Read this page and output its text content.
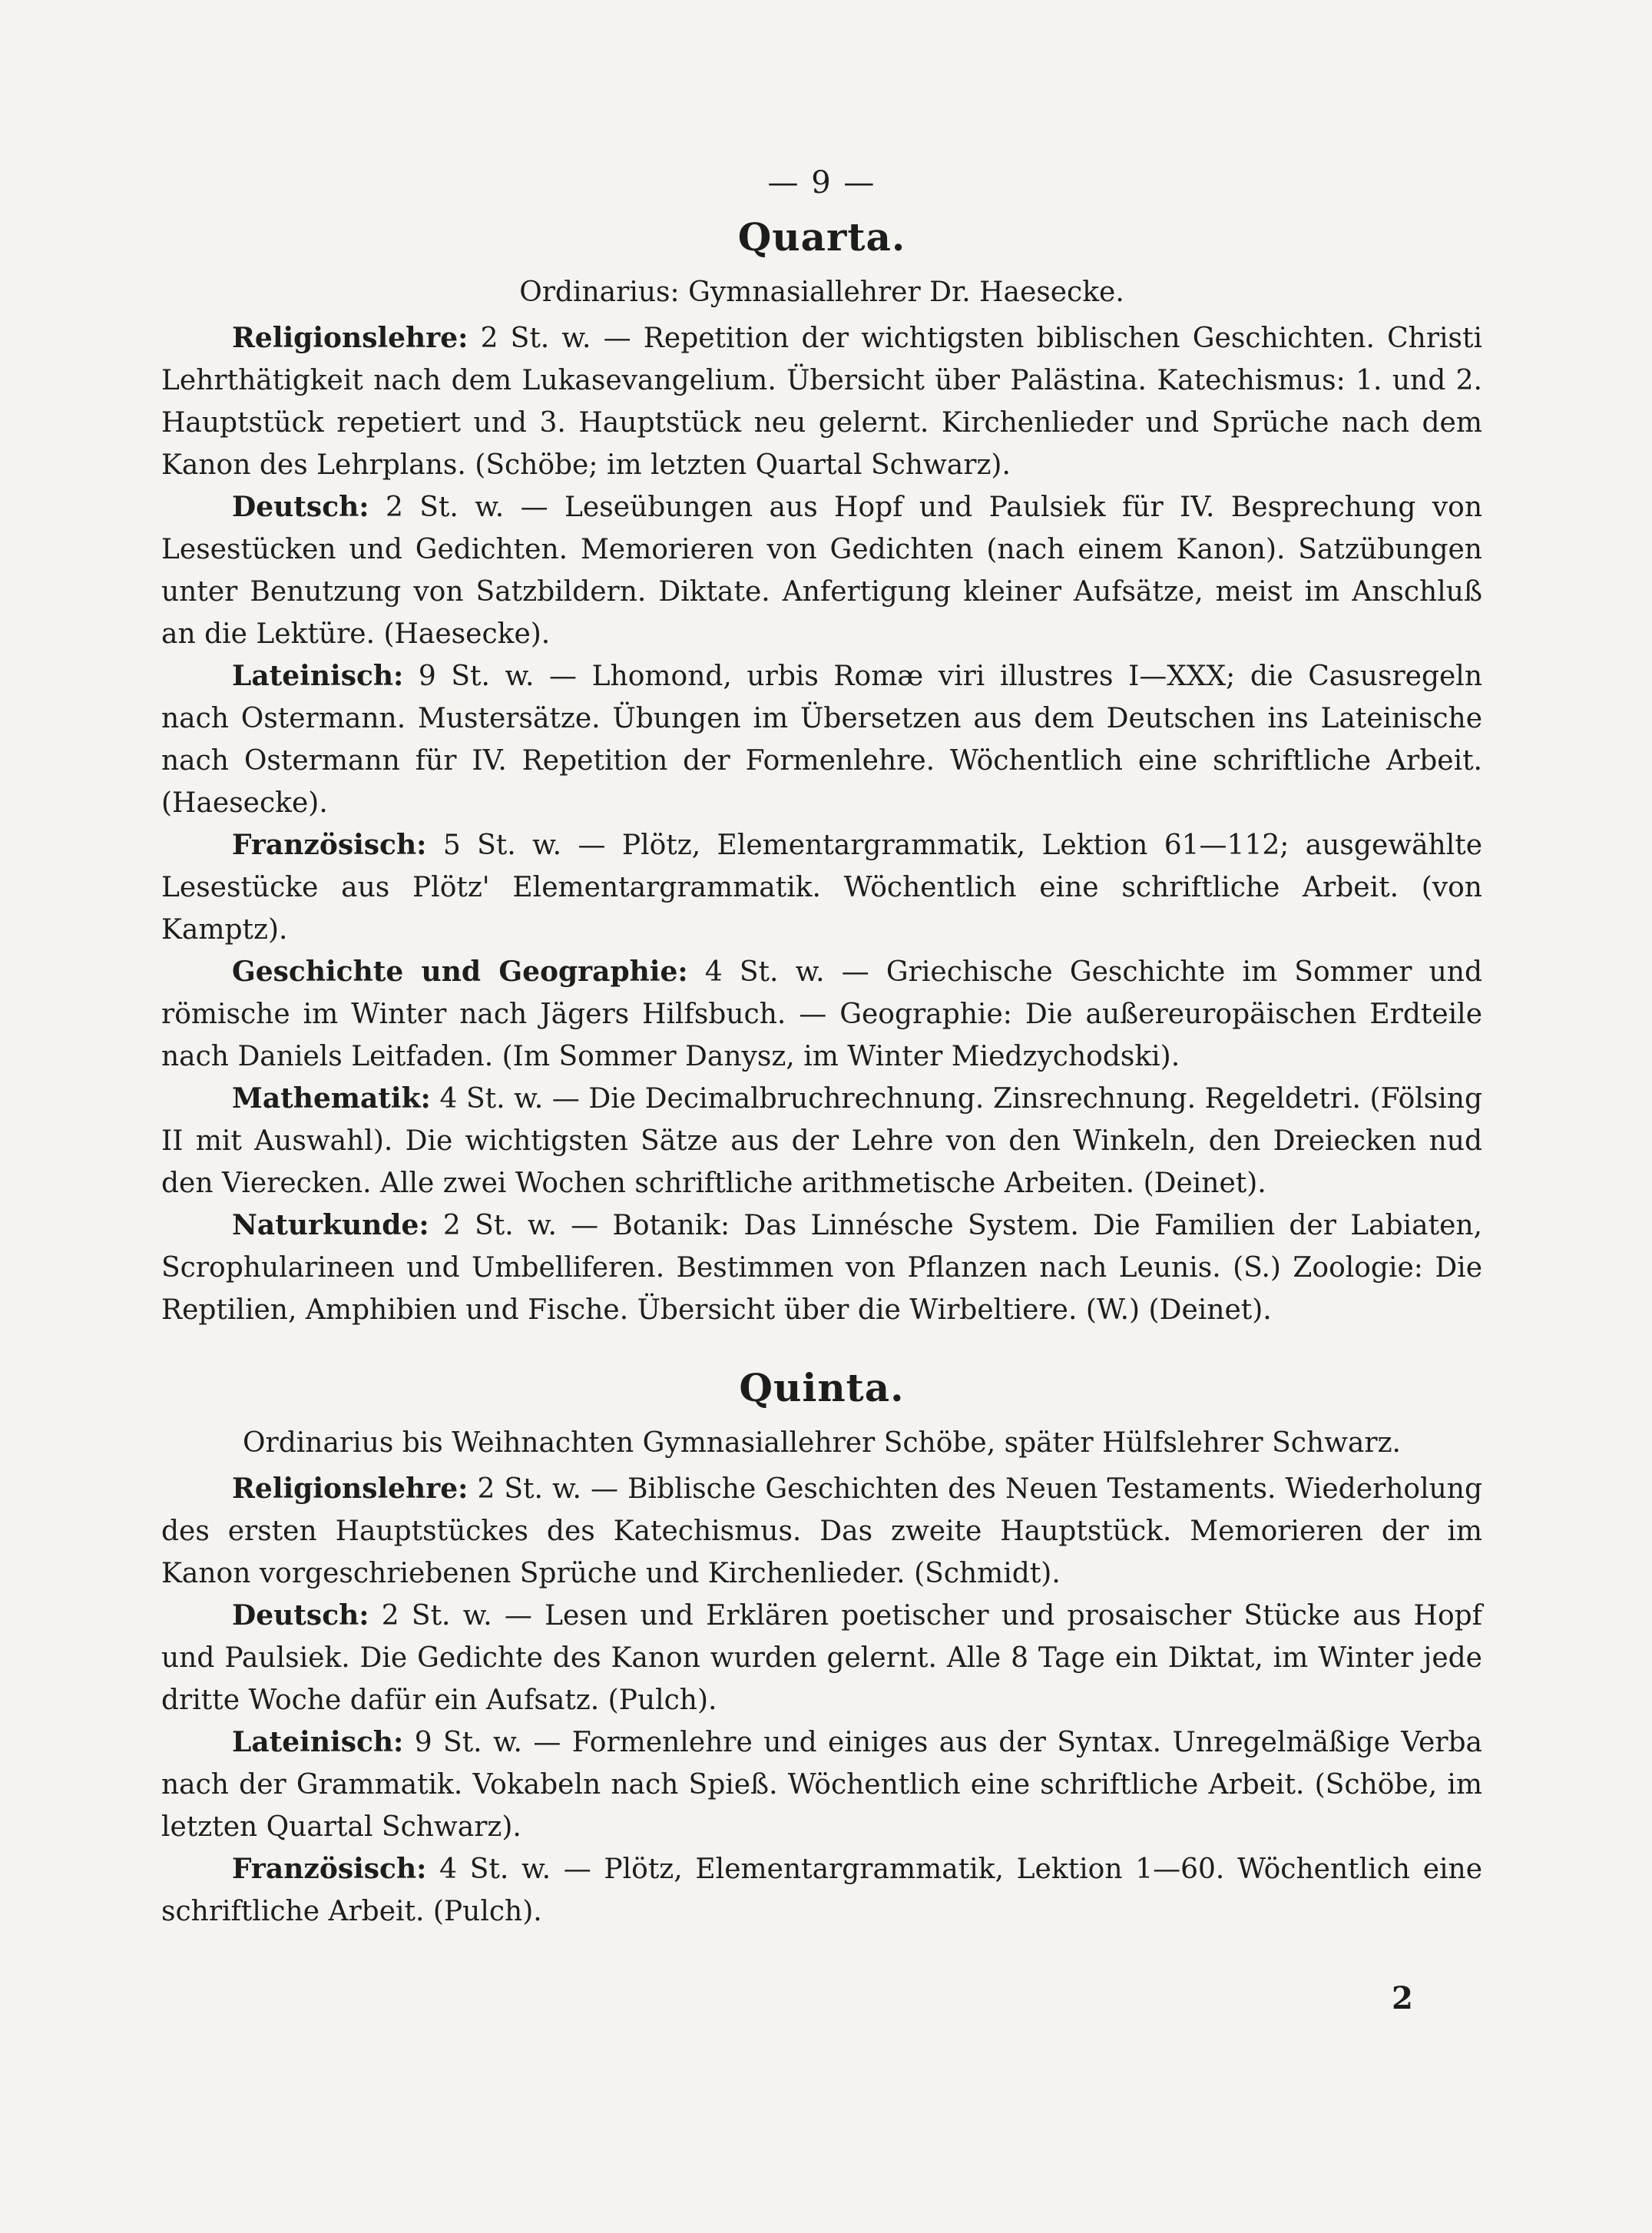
— 9 —
Quarta.
Ordinarius: Gymnasiallehrer Dr. Haesecke.

Religionslehre: 2 St. w. — Repetition der wichtigsten biblischen Geschichten. Christi Lehrthätigkeit nach dem Lukasevangelium. Übersicht über Palästina. Katechismus: 1. und 2. Hauptstück repetiert und 3. Hauptstück neu gelernt. Kirchenlieder und Sprüche nach dem Kanon des Lehrplans. (Schöbe; im letzten Quartal Schwarz).

Deutsch: 2 St. w. — Leseübungen aus Hopf und Paulsiek für IV. Besprechung von Lesestücken und Gedichten. Memorieren von Gedichten (nach einem Kanon). Satzübungen unter Benutzung von Satzbildern. Diktate. Anfertigung kleiner Aufsätze, meist im Anschluß an die Lektüre. (Haesecke).

Lateinisch: 9 St. w. — Lhomond, urbis Romæ viri illustres I—XXX; die Casusregeln nach Ostermann. Mustersätze. Übungen im Übersetzen aus dem Deutschen ins Lateinische nach Ostermann für IV. Repetition der Formenlehre. Wöchentlich eine schriftliche Arbeit. (Haesecke).

Französisch: 5 St. w. — Plötz, Elementargrammatik, Lektion 61—112; ausgewählte Lesestücke aus Plötz' Elementargrammatik. Wöchentlich eine schriftliche Arbeit. (von Kamptz).

Geschichte und Geographie: 4 St. w. — Griechische Geschichte im Sommer und römische im Winter nach Jägers Hilfsbuch. — Geographie: Die außereuropäischen Erdteile nach Daniels Leitfaden. (Im Sommer Danysz, im Winter Miedzychodski).

Mathematik: 4 St. w. — Die Decimalbruchrechnung. Zinsrechnung. Regeldetri. (Fölsing II mit Auswahl). Die wichtigsten Sätze aus der Lehre von den Winkeln, den Dreiecken nud den Vierecken. Alle zwei Wochen schriftliche arithmetische Arbeiten. (Deinet).

Naturkunde: 2 St. w. — Botanik: Das Linnésche System. Die Familien der Labiaten, Scrophularineen und Umbelliferen. Bestimmen von Pflanzen nach Leunis. (S.) Zoologie: Die Reptilien, Amphibien und Fische. Übersicht über die Wirbeltiere. (W.) (Deinet).

Quinta.
Ordinarius bis Weihnachten Gymnasiallehrer Schöbe, später Hülfslehrer Schwarz.

Religionslehre: 2 St. w. — Biblische Geschichten des Neuen Testaments. Wiederholung des ersten Hauptstückes des Katechismus. Das zweite Hauptstück. Memorieren der im Kanon vorgeschriebenen Sprüche und Kirchenlieder. (Schmidt).

Deutsch: 2 St. w. — Lesen und Erklären poetischer und prosaischer Stücke aus Hopf und Paulsiek. Die Gedichte des Kanon wurden gelernt. Alle 8 Tage ein Diktat, im Winter jede dritte Woche dafür ein Aufsatz. (Pulch).

Lateinisch: 9 St. w. — Formenlehre und einiges aus der Syntax. Unregelmäßige Verba nach der Grammatik. Vokabeln nach Spieß. Wöchentlich eine schriftliche Arbeit. (Schöbe, im letzten Quartal Schwarz).

Französisch: 4 St. w. — Plötz, Elementargrammatik, Lektion 1—60. Wöchentlich eine schriftliche Arbeit. (Pulch).

2
